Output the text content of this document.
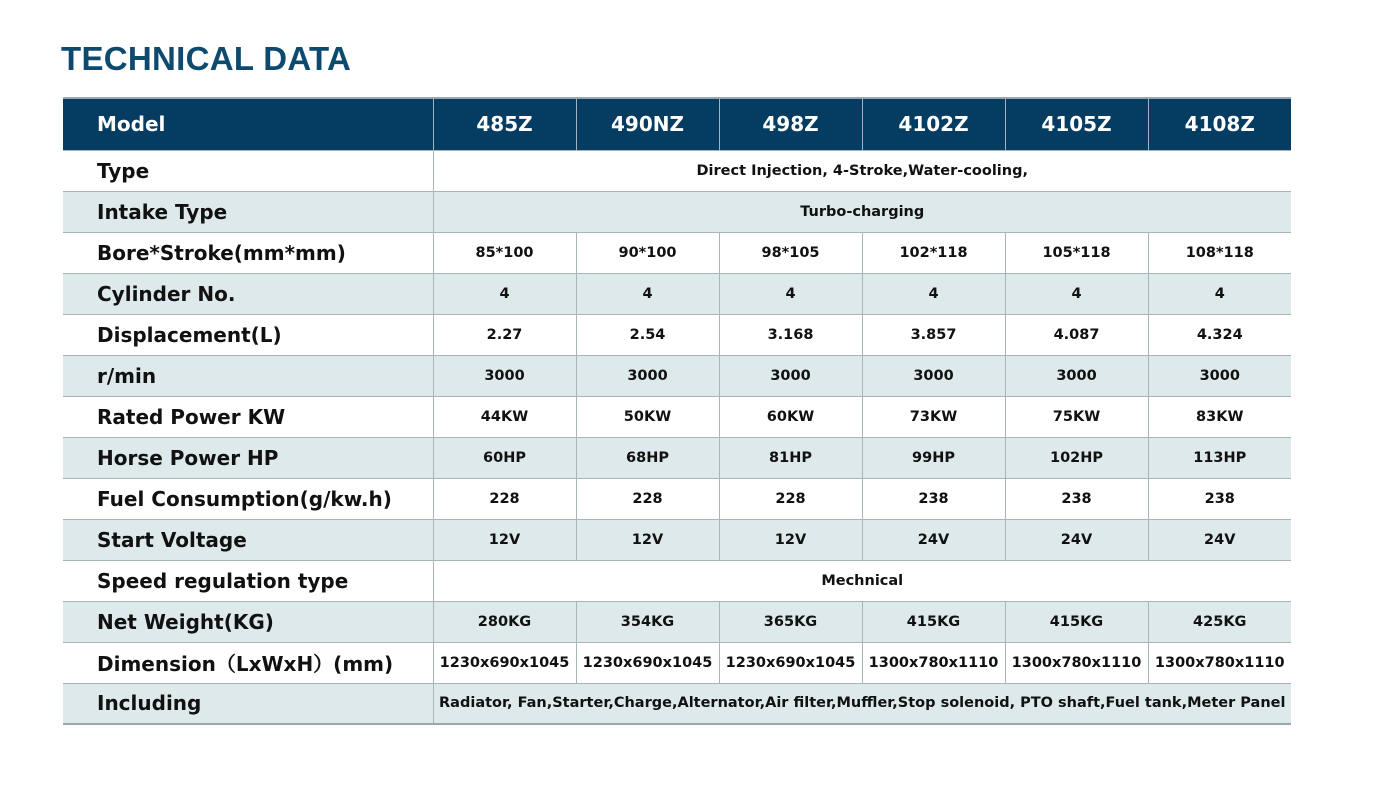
TECHNICAL DATA
Model	485Z	490NZ	498Z	4102Z	4105Z	4108Z
Type	Direct Injection, 4-Stroke,Water-cooling,					
Intake Type	Turbo-charging					
Bore*Stroke(mm*mm)	85*100	90*100	98*105	102*118	105*118	108*118
Cylinder No.	4	4	4	4	4	4
Displacement(L)	2.27	2.54	3.168	3.857	4.087	4.324
r/min	3000	3000	3000	3000	3000	3000
Rated Power KW	44KW	50KW	60KW	73KW	75KW	83KW
Horse Power HP	60HP	68HP	81HP	99HP	102HP	113HP
Fuel Consumption(g/kw.h)	228	228	228	238	238	238
Start Voltage	12V	12V	12V	24V	24V	24V
Speed regulation type	Mechnical					
Net Weight(KG)	280KG	354KG	365KG	415KG	415KG	425KG
Dimension（LxWxH）(mm)	1230x690x1045	1230x690x1045	1230x690x1045	1300x780x1110	1300x780x1110	1300x780x1110
Including	Radiator, Fan,Starter,Charge,Alternator,Air filter,Muffler,Stop solenoid, PTO shaft,Fuel tank,Meter Panel					
